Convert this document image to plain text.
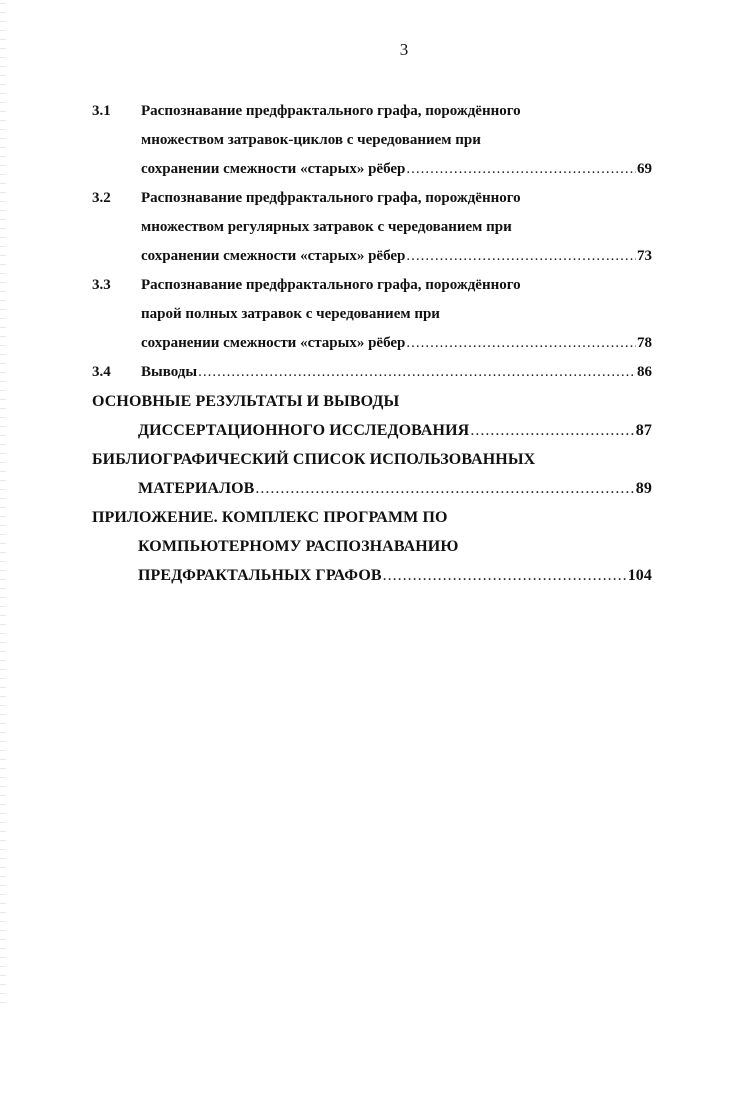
3
3.1	Распознавание предфрактального графа, порождённого
множеством затравок-циклов с чередованием при
сохранении смежности «старых» рёбер .....	69
3.2	Распознавание предфрактального графа, порождённого
множеством регулярных затравок с чередованием при
сохранении смежности «старых» рёбер .....	73
3.3	Распознавание предфрактального графа, порождённого
парой полных затравок с чередованием при
сохранении смежности «старых» рёбер .....	78
3.4	Выводы .....	86
ОСНОВНЫЕ РЕЗУЛЬТАТЫ И ВЫВОДЫ
ДИССЕРТАЦИОННОГО ИССЛЕДОВАНИЯ .....	87
БИБЛИОГРАФИЧЕСКИЙ СПИСОК ИСПОЛЬЗОВАННЫХ
МАТЕРИАЛОВ .....	89
ПРИЛОЖЕНИЕ. КОМПЛЕКС ПРОГРАММ ПО
КОМПЬЮТЕРНОМУ РАСПОЗНАВАНИЮ
ПРЕДФРАКТАЛЬНЫХ ГРАФОВ .....	104
